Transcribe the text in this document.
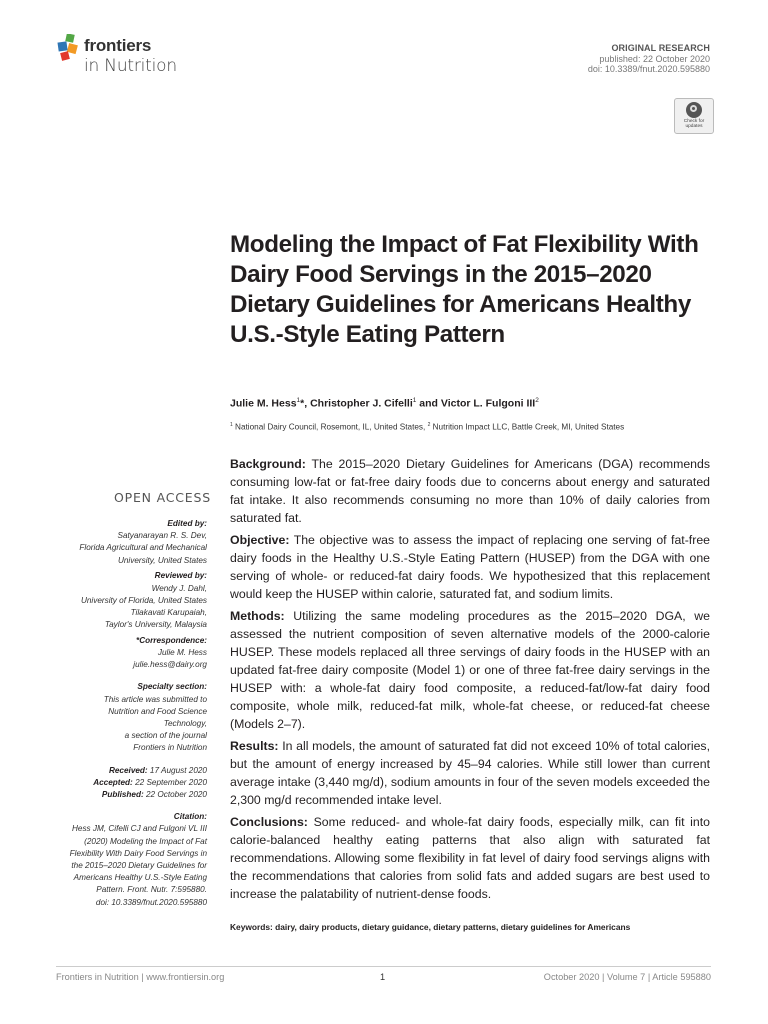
frontiers
in Nutrition
ORIGINAL RESEARCH
published: 22 October 2020
doi: 10.3389/fnut.2020.595880
Check for updates
Modeling the Impact of Fat Flexibility With Dairy Food Servings in the 2015–2020 Dietary Guidelines for Americans Healthy U.S.-Style Eating Pattern
Julie M. Hess$^1$*, Christopher J. Cifelli$^1$ and Victor L. Fulgoni III$^2$
$^1$ National Dairy Council, Rosemont, IL, United States, $^2$ Nutrition Impact LLC, Battle Creek, MI, United States
OPEN ACCESS
Edited by:
Satyanarayan R. S. Dev,
Florida Agricultural and Mechanical
University, United States
Reviewed by:
Wendy J. Dahl,
University of Florida, United States
Tilakavati Karupaiah,
Taylor's University, Malaysia
*Correspondence:
Julie M. Hess
julie.hess@dairy.org
Specialty section:
This article was submitted to
Nutrition and Food Science
Technology,
a section of the journal
Frontiers in Nutrition
Received: 17 August 2020
Accepted: 22 September 2020
Published: 22 October 2020
Citation:
Hess JM, Cifelli CJ and Fulgoni VL III
(2020) Modeling the Impact of Fat
Flexibility With Dairy Food Servings in
the 2015–2020 Dietary Guidelines for
Americans Healthy U.S.-Style Eating
Pattern. Front. Nutr. 7:595880.
doi: 10.3389/fnut.2020.595880

Background: The 2015–2020 Dietary Guidelines for Americans (DGA) recommends consuming low-fat or fat-free dairy foods due to concerns about energy and saturated fat intake. It also recommends consuming no more than 10% of daily calories from saturated fat.

Objective: The objective was to assess the impact of replacing one serving of fat-free dairy foods in the Healthy U.S.-Style Eating Pattern (HUSEP) from the DGA with one serving of whole- or reduced-fat dairy foods. We hypothesized that this replacement would keep the HUSEP within calorie, saturated fat, and sodium limits.

Methods: Utilizing the same modeling procedures as the 2015–2020 DGA, we assessed the nutrient composition of seven alternative models of the 2000-calorie HUSEP. These models replaced all three servings of dairy foods in the HUSEP with an updated fat-free dairy composite (Model 1) or one of three fat-free dairy servings in the HUSEP with: a whole-fat dairy food composite, a reduced-fat/low-fat dairy food composite, whole milk, reduced-fat milk, whole-fat cheese, or reduced-fat cheese (Models 2–7).

Results: In all models, the amount of saturated fat did not exceed 10% of total calories, but the amount of energy increased by 45–94 calories. While still lower than current average intake (3,440 mg/d), sodium amounts in four of the seven models exceeded the 2,300 mg/d recommended intake level.

Conclusions: Some reduced- and whole-fat dairy foods, especially milk, can fit into calorie-balanced healthy eating patterns that also align with saturated fat recommendations. Allowing some flexibility in fat level of dairy food servings aligns with the recommendations that calories from solid fats and added sugars are best used to increase the palatability of nutrient-dense foods.

Keywords: dairy, dairy products, dietary guidance, dietary patterns, dietary guidelines for Americans
Frontiers in Nutrition | www.frontiersin.org	1	October 2020 | Volume 7 | Article 595880
